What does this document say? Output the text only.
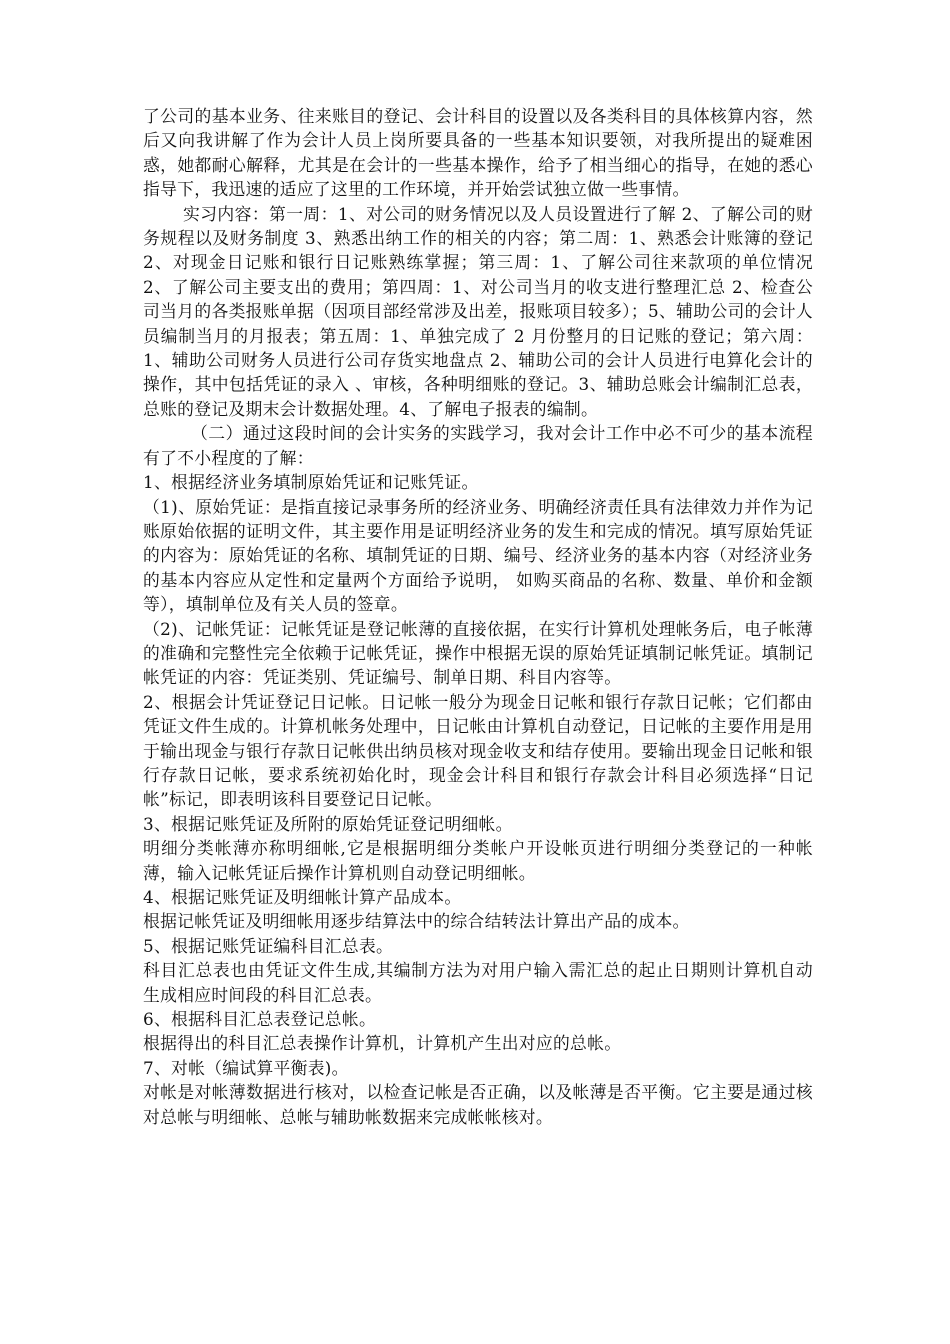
了公司的基本业务、往来账目的登记、会计科目的设置以及各类科目的具体核算内容，然后又向我讲解了作为会计人员上岗所要具备的一些基本知识要领，对我所提出的疑难困惑，她都耐心解释，尤其是在会计的一些基本操作，给予了相当细心的指导，在她的悉心指导下，我迅速的适应了这里的工作环境，并开始尝试独立做一些事情。

实习内容：第一周：1、对公司的财务情况以及人员设置进行了解 2、了解公司的财务规程以及财务制度 3、熟悉出纳工作的相关的内容；第二周：1、熟悉会计账簿的登记 2、对现金日记账和银行日记账熟练掌握；第三周：1、了解公司往来款项的单位情况 2、了解公司主要支出的费用；第四周：1、对公司当月的收支进行整理汇总 2、检查公司当月的各类报账单据（因项目部经常涉及出差，报账项目较多）；5、辅助公司的会计人员编制当月的月报表；第五周：1、单独完成了 2 月份整月的日记账的登记；第六周：1、辅助公司财务人员进行公司存货实地盘点 2、辅助公司的会计人员进行电算化会计的操作，其中包括凭证的录入 、审核，各种明细账的登记。3、辅助总账会计编制汇总表，总账的登记及期末会计数据处理。4、了解电子报表的编制。

（二）通过这段时间的会计实务的实践学习，我对会计工作中必不可少的基本流程有了不小程度的了解：

1、根据经济业务填制原始凭证和记账凭证。

（1)、原始凭证：是指直接记录事务所的经济业务、明确经济责任具有法律效力并作为记账原始依据的证明文件，其主要作用是证明经济业务的发生和完成的情况。填写原始凭证的内容为：原始凭证的名称、填制凭证的日期、编号、经济业务的基本内容（对经济业务的基本内容应从定性和定量两个方面给予说明， 如购买商品的名称、数量、单价和金额等），填制单位及有关人员的签章。

（2)、记帐凭证：记帐凭证是登记帐薄的直接依据，在实行计算机处理帐务后，电子帐薄的准确和完整性完全依赖于记帐凭证，操作中根据无误的原始凭证填制记帐凭证。填制记帐凭证的内容：凭证类别、凭证编号、制单日期、科目内容等。

2、根据会计凭证登记日记帐。日记帐一般分为现金日记帐和银行存款日记帐；它们都由凭证文件生成的。计算机帐务处理中，日记帐由计算机自动登记，日记帐的主要作用是用于输出现金与银行存款日记帐供出纳员核对现金收支和结存使用。要输出现金日记帐和银行存款日记帐，要求系统初始化时，现金会计科目和银行存款会计科目必须选择“日记帐”标记，即表明该科目要登记日记帐。

3、根据记账凭证及所附的原始凭证登记明细帐。

明细分类帐薄亦称明细帐,它是根据明细分类帐户开设帐页进行明细分类登记的一种帐薄，输入记帐凭证后操作计算机则自动登记明细帐。

4、根据记账凭证及明细帐计算产品成本。

根据记帐凭证及明细帐用逐步结算法中的综合结转法计算出产品的成本。

5、根据记账凭证编科目汇总表。

科目汇总表也由凭证文件生成,其编制方法为对用户输入需汇总的起止日期则计算机自动生成相应时间段的科目汇总表。

6、根据科目汇总表登记总帐。

根据得出的科目汇总表操作计算机，计算机产生出对应的总帐。

7、对帐（编试算平衡表)。

对帐是对帐薄数据进行核对，以检查记帐是否正确，以及帐薄是否平衡。它主要是通过核对总帐与明细帐、总帐与辅助帐数据来完成帐帐核对。
